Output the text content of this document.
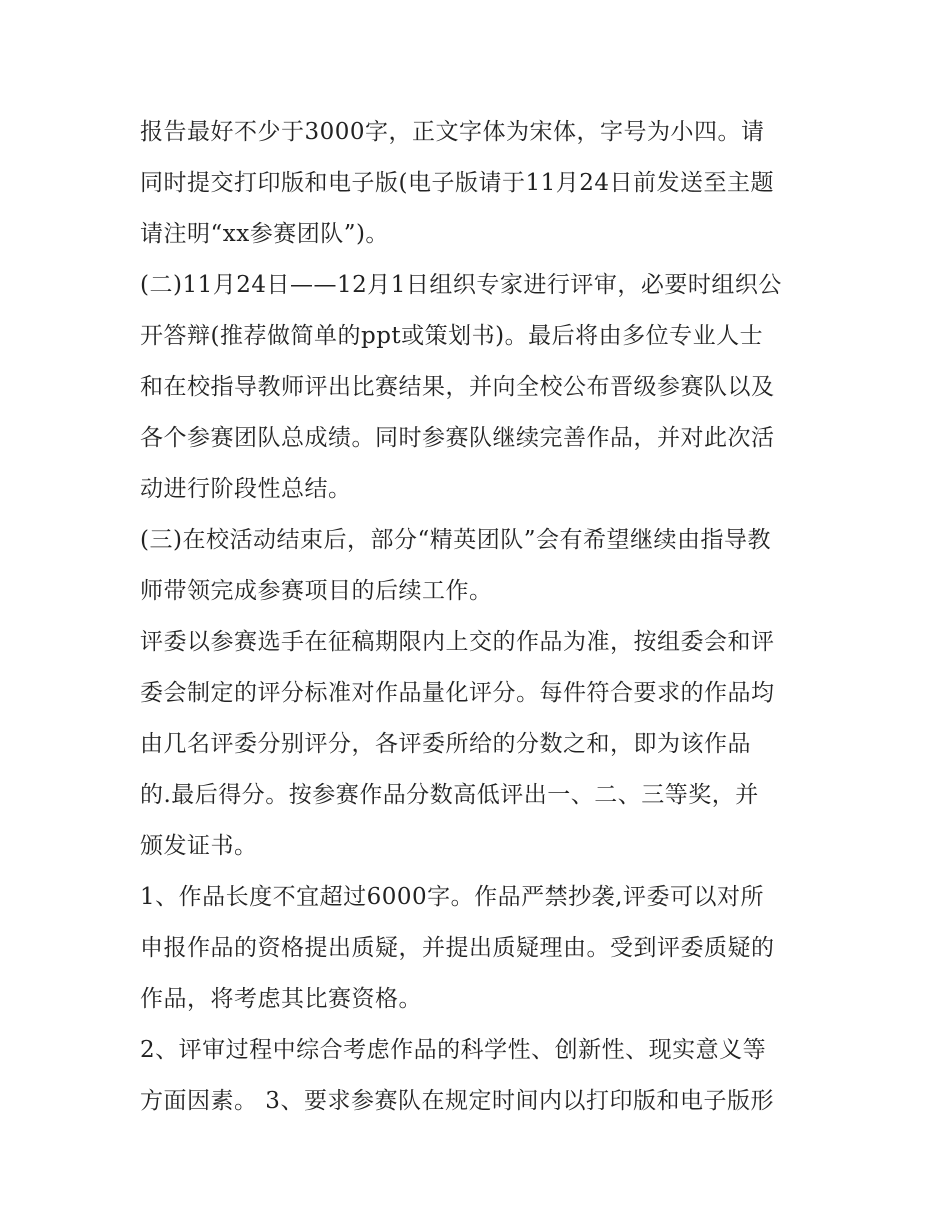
报告最好不少于3000字，正文字体为宋体，字号为小四。请
同时提交打印版和电子版(电子版请于11月24日前发送至主题
请注明“xx参赛团队”)。
(二)11月24日——12月1日组织专家进行评审，必要时组织公
开答辩(推荐做简单的ppt或策划书)。最后将由多位专业人士
和在校指导教师评出比赛结果，并向全校公布晋级参赛队以及
各个参赛团队总成绩。同时参赛队继续完善作品，并对此次活
动进行阶段性总结。
(三)在校活动结束后，部分“精英团队”会有希望继续由指导教
师带领完成参赛项目的后续工作。
评委以参赛选手在征稿期限内上交的作品为准，按组委会和评
委会制定的评分标准对作品量化评分。每件符合要求的作品均
由几名评委分别评分，各评委所给的分数之和，即为该作品
的.最后得分。按参赛作品分数高低评出一、二、三等奖，并
颁发证书。
1、作品长度不宜超过6000字。作品严禁抄袭,评委可以对所
申报作品的资格提出质疑，并提出质疑理由。受到评委质疑的
作品，将考虑其比赛资格。
2、评审过程中综合考虑作品的科学性、创新性、现实意义等
方面因素。 3、要求参赛队在规定时间内以打印版和电子版形
